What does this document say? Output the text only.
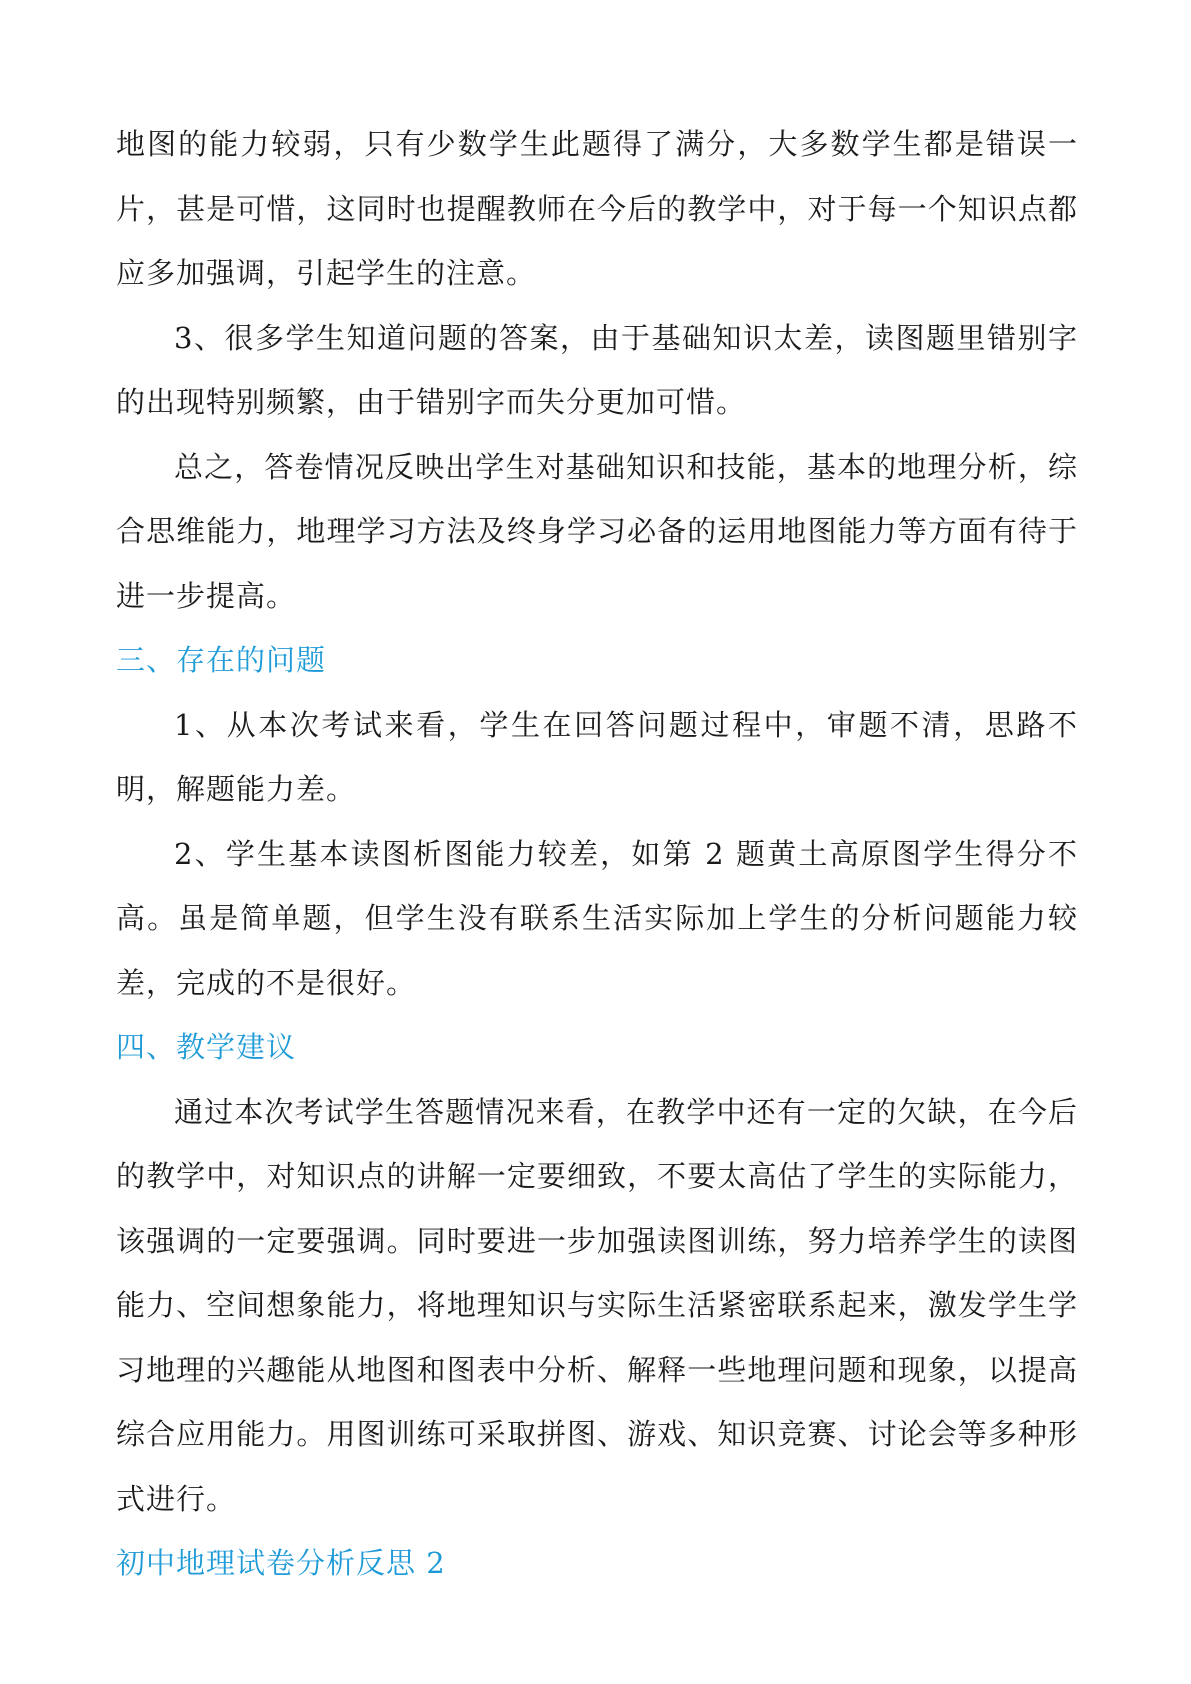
地图的能力较弱，只有少数学生此题得了满分，大多数学生都是错误一片，甚是可惜，这同时也提醒教师在今后的教学中，对于每一个知识点都应多加强调，引起学生的注意。

3、很多学生知道问题的答案，由于基础知识太差，读图题里错别字的出现特别频繁，由于错别字而失分更加可惜。

总之，答卷情况反映出学生对基础知识和技能，基本的地理分析，综合思维能力，地理学习方法及终身学习必备的运用地图能力等方面有待于进一步提高。

三、存在的问题

1、从本次考试来看，学生在回答问题过程中，审题不清，思路不明，解题能力差。

2、学生基本读图析图能力较差，如第 2 题黄土高原图学生得分不高。虽是简单题，但学生没有联系生活实际加上学生的分析问题能力较差，完成的不是很好。

四、教学建议

通过本次考试学生答题情况来看，在教学中还有一定的欠缺，在今后的教学中，对知识点的讲解一定要细致，不要太高估了学生的实际能力，该强调的一定要强调。同时要进一步加强读图训练，努力培养学生的读图能力、空间想象能力，将地理知识与实际生活紧密联系起来，激发学生学习地理的兴趣能从地图和图表中分析、解释一些地理问题和现象，以提高综合应用能力。用图训练可采取拼图、游戏、知识竞赛、讨论会等多种形式进行。

初中地理试卷分析反思 2
